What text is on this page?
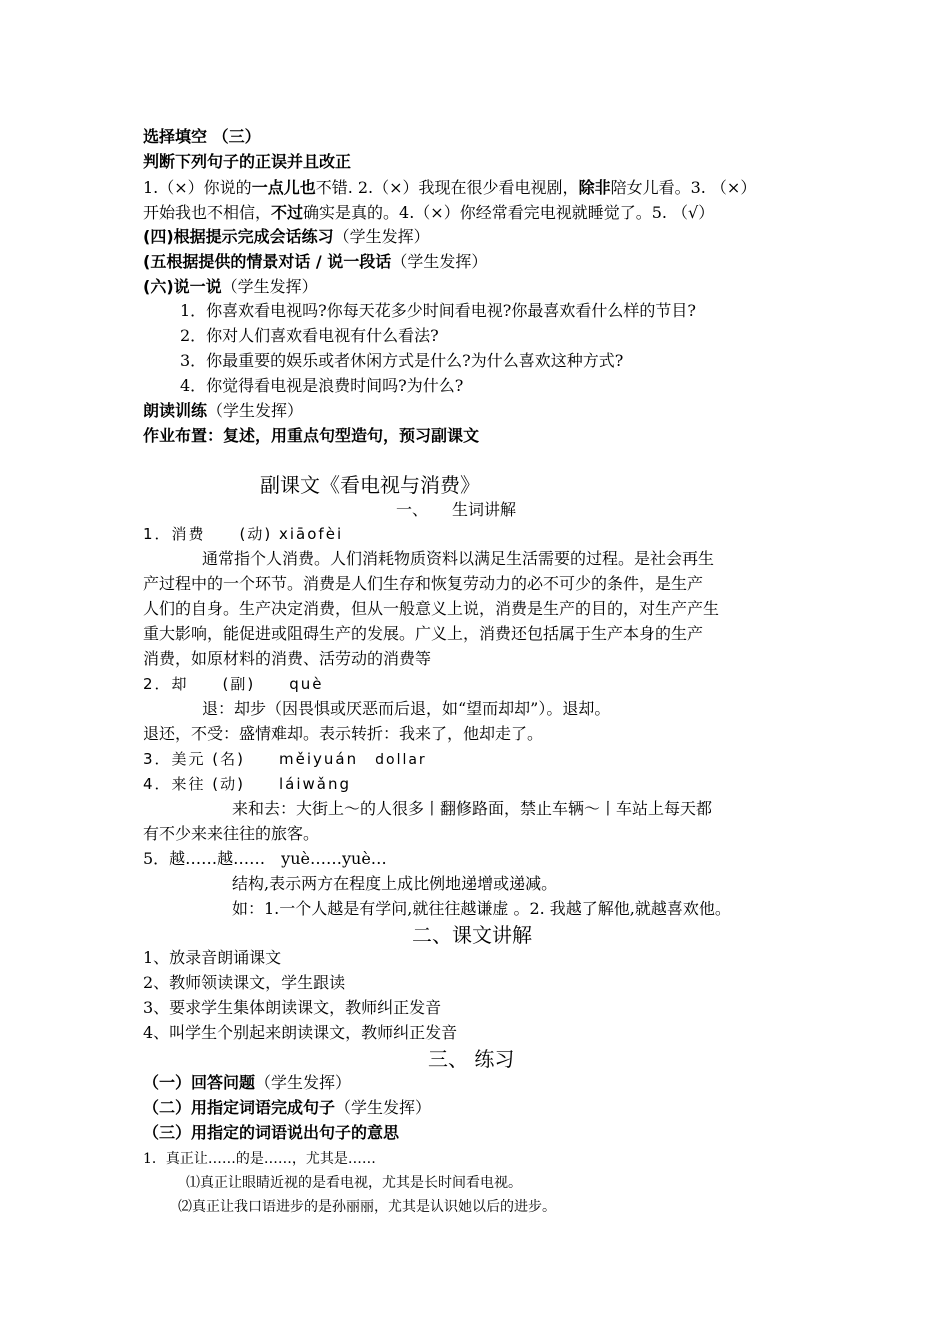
选择填空 （三）
判断下列句子的正误并且改正
1.（×）你说的一点儿也不错. 2.（×）我现在很少看电视剧，除非陪女儿看。3. （×）
开始我也不相信，不过确实是真的。4.（×）你经常看完电视就睡觉了。5. （√）
(四)根据提示完成会话练习（学生发挥）
(五根据提供的情景对话 / 说一段话（学生发挥）
(六)说一说（学生发挥）
1．你喜欢看电视吗?你每天花多少时间看电视?你最喜欢看什么样的节目?
2．你对人们喜欢看电视有什么看法?
3．你最重要的娱乐或者休闲方式是什么?为什么喜欢这种方式?
4．你觉得看电视是浪费时间吗?为什么?
朗读训练（学生发挥）
作业布置：复述，用重点句型造句，预习副课文
副课文《看电视与消费》
一、　　生词讲解
1．消费　　(动) xiāofèi
通常指个人消费。人们消耗物质资料以满足生活需要的过程。是社会再生
产过程中的一个环节。消费是人们生存和恢复劳动力的必不可少的条件，是生产
人们的自身。生产决定消费，但从一般意义上说，消费是生产的目的，对生产产生
重大影响，能促进或阻碍生产的发展。广义上，消费还包括属于生产本身的生产
消费，如原材料的消费、活劳动的消费等
2．却　　(副)　　què
退：却步（因畏惧或厌恶而后退，如“望而却却”）。退却。
退还，不受：盛情难却。表示转折：我来了，他却走了。
3．美元 (名)　　měiyuán　 dollar
4．来往 (动)　　láiwǎng
来和去：大街上～的人很多丨翻修路面，禁止车辆～丨车站上每天都
有不少来来往往的旅客。
5．越……越……　yuè……yuè…
结构,表示两方在程度上成比例地递增或递减。
如：1.一个人越是有学问,就往往越谦虚 。2. 我越了解他,就越喜欢他。
二、课文讲解
1、放录音朗诵课文
2、教师领读课文，学生跟读
3、要求学生集体朗读课文，教师纠正发音
4、叫学生个别起来朗读课文，教师纠正发音
三、 练习
（一）回答问题（学生发挥）
（二）用指定词语完成句子（学生发挥）
（三）用指定的词语说出句子的意思
1．真正让……的是……，尤其是……
⑴真正让眼睛近视的是看电视，尤其是长时间看电视。
⑵真正让我口语进步的是孙丽丽，尤其是认识她以后的进步。
